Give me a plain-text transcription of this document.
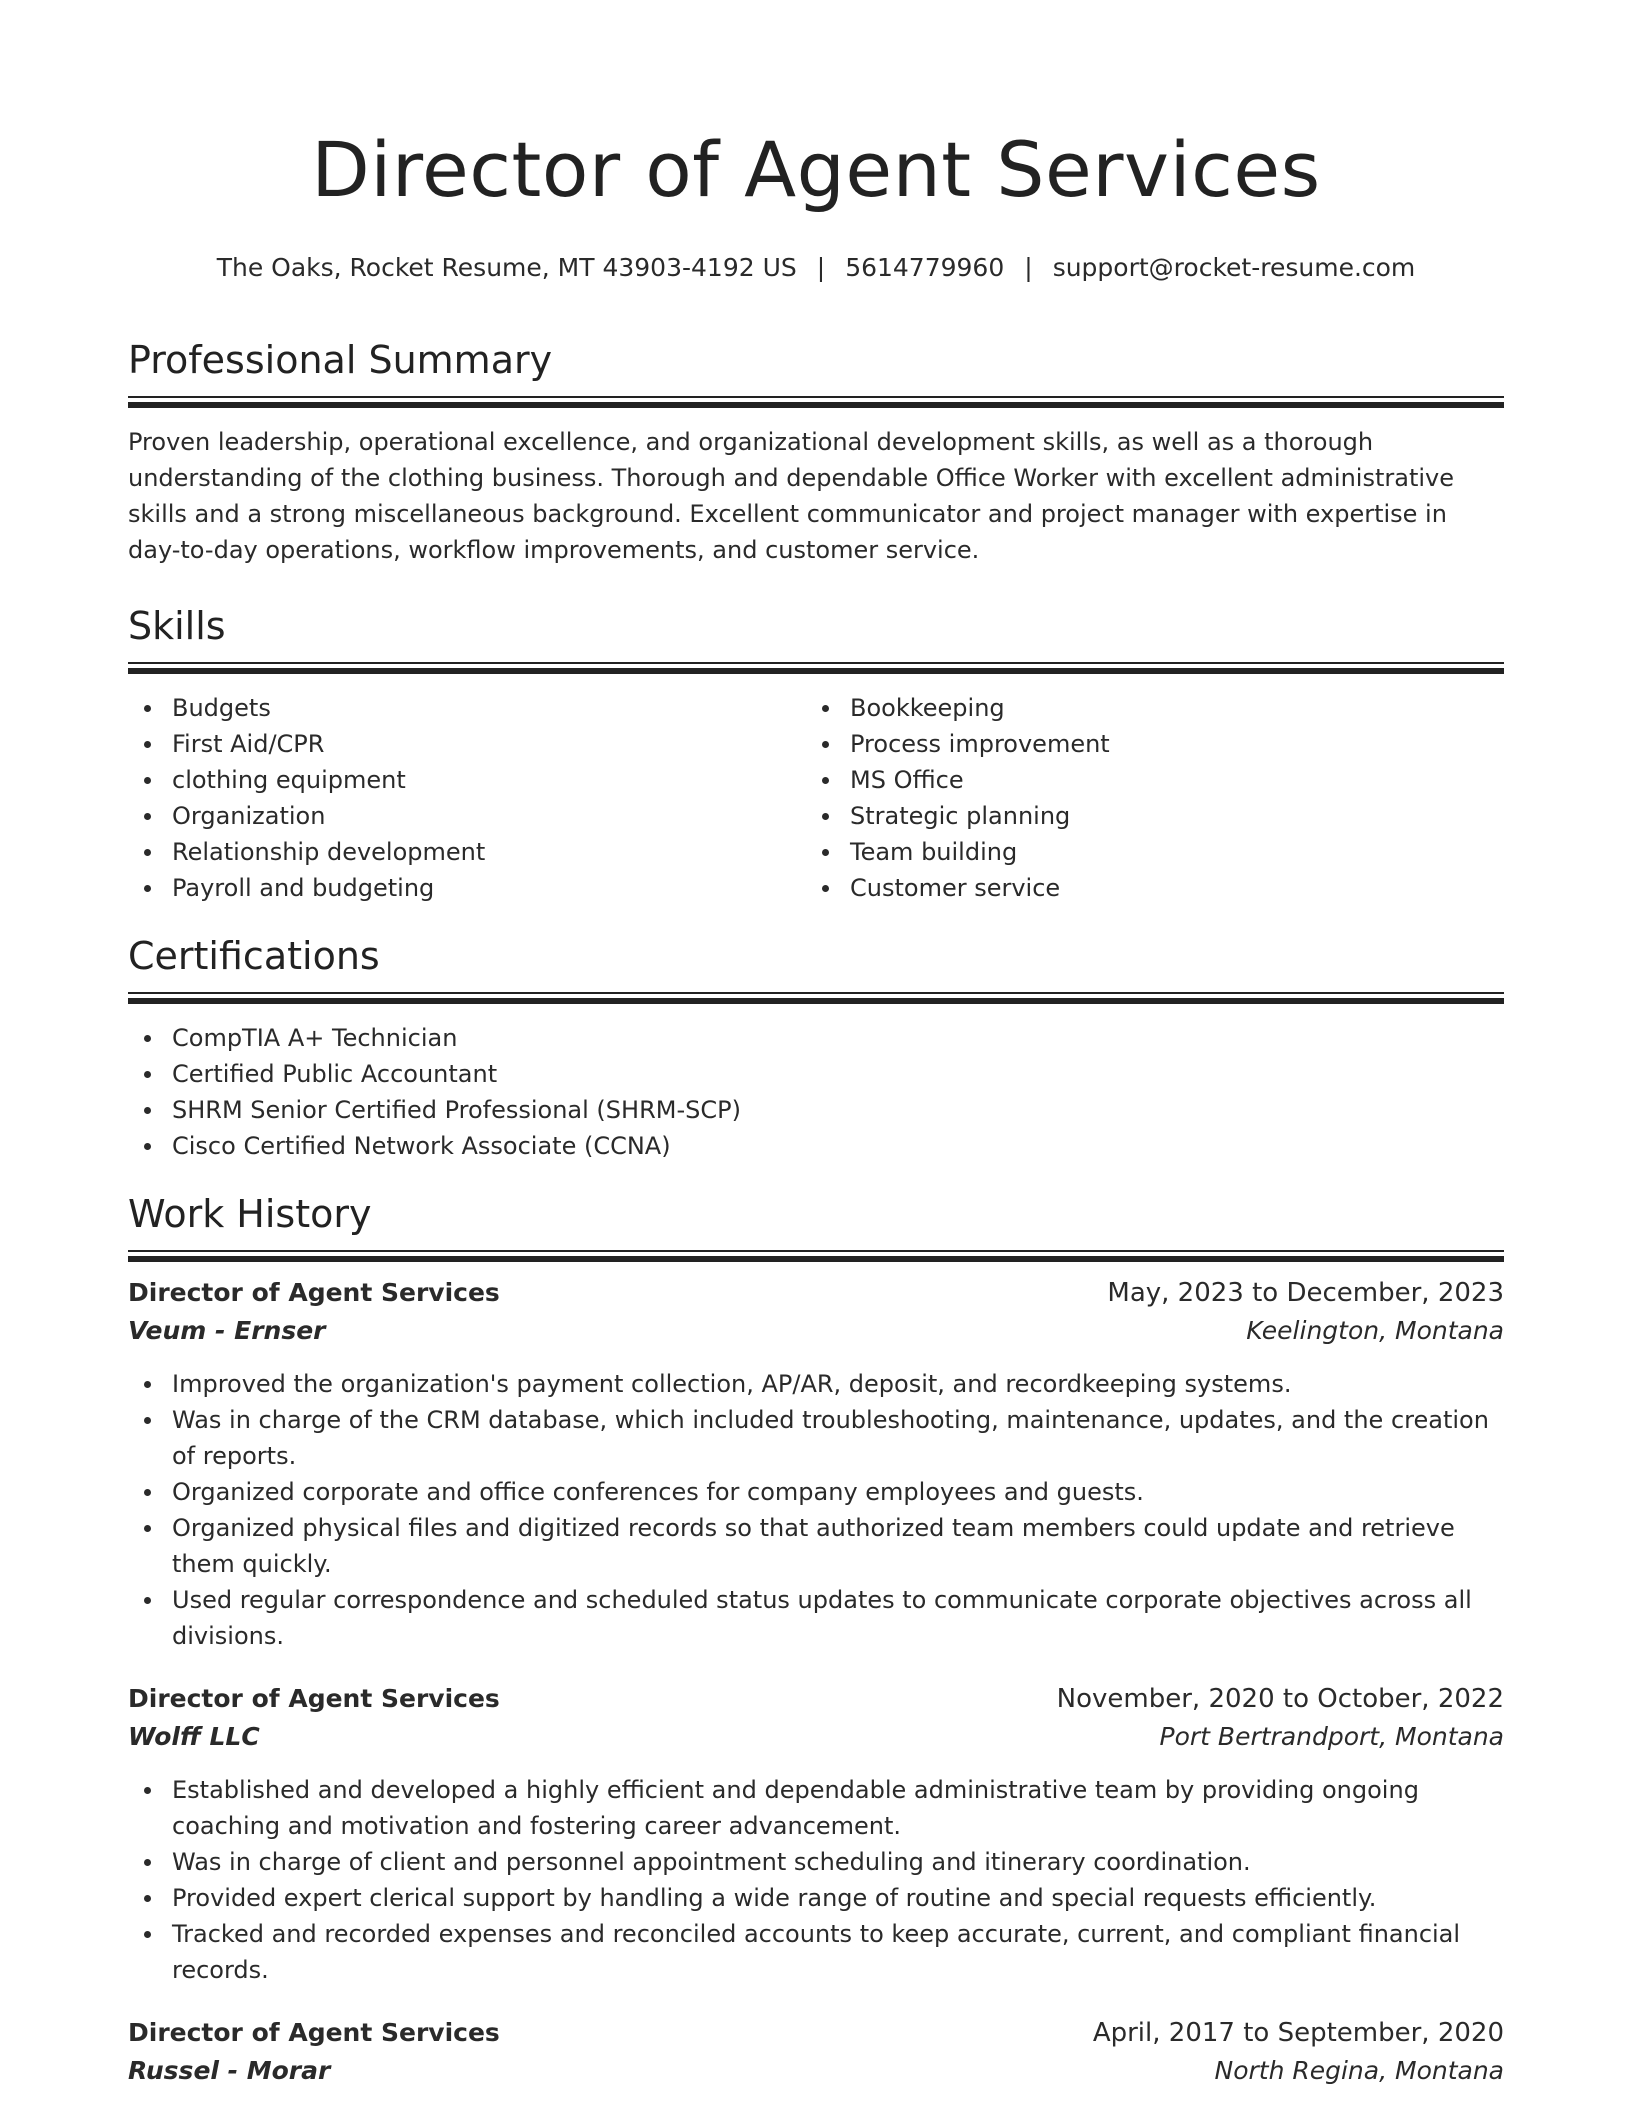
Director of Agent Services
The Oaks, Rocket Resume, MT 43903-4192 US | 5614779960 | support@rocket-resume.com
Professional Summary

Proven leadership, operational excellence, and organizational development skills, as well as a thorough understanding of the clothing business. Thorough and dependable Office Worker with excellent administrative skills and a strong miscellaneous background. Excellent communicator and project manager with expertise in day-to-day operations, workflow improvements, and customer service.

Skills
Budgets
First Aid/CPR
clothing equipment
Organization
Relationship development
Payroll and budgeting
Bookkeeping
Process improvement
MS Office
Strategic planning
Team building
Customer service
Certifications
CompTIA A+ Technician
Certified Public Accountant
SHRM Senior Certified Professional (SHRM-SCP)
Cisco Certified Network Associate (CCNA)
Work History
Director of Agent Services	May, 2023 to December, 2023
Veum - Ernser	Keelington, Montana
Improved the organization's payment collection, AP/AR, deposit, and recordkeeping systems.
Was in charge of the CRM database, which included troubleshooting, maintenance, updates, and the creation of reports.
Organized corporate and office conferences for company employees and guests.
Organized physical files and digitized records so that authorized team members could update and retrieve them quickly.
Used regular correspondence and scheduled status updates to communicate corporate objectives across all divisions.
Director of Agent Services	November, 2020 to October, 2022
Wolff LLC	Port Bertrandport, Montana
Established and developed a highly efficient and dependable administrative team by providing ongoing coaching and motivation and fostering career advancement.
Was in charge of client and personnel appointment scheduling and itinerary coordination.
Provided expert clerical support by handling a wide range of routine and special requests efficiently.
Tracked and recorded expenses and reconciled accounts to keep accurate, current, and compliant financial records.
Director of Agent Services	April, 2017 to September, 2020
Russel - Morar	North Regina, Montana
